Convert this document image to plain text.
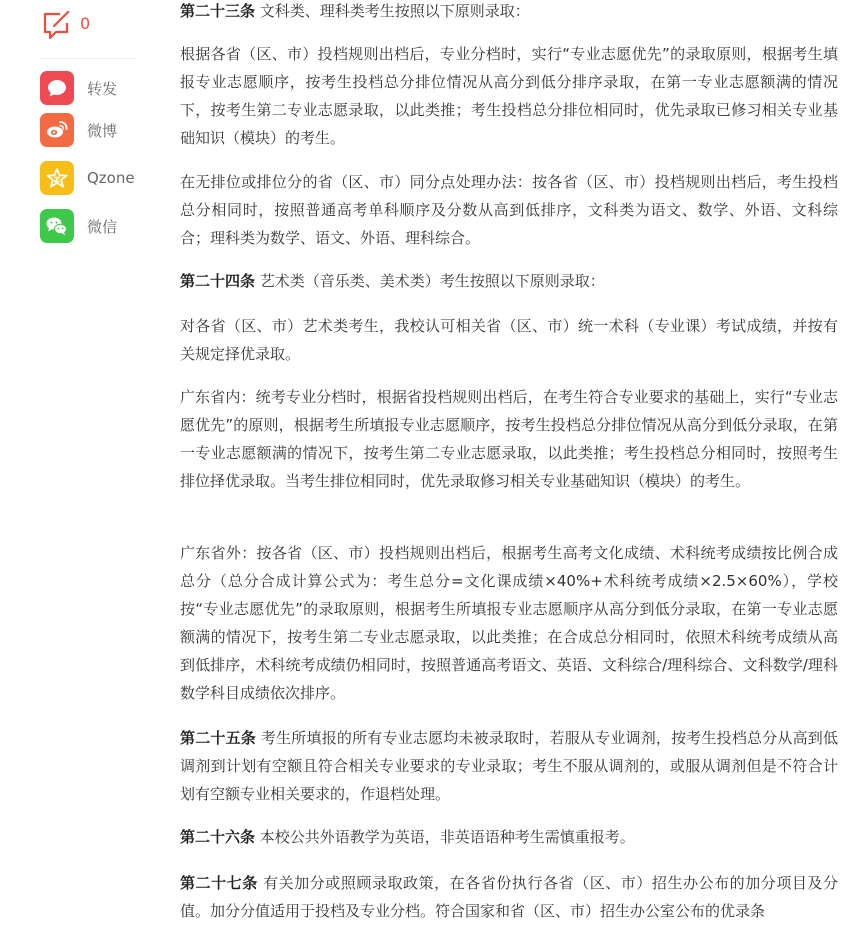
0
转发
微博
Qzone
微信

第二十三条 文科类、理科类考生按照以下原则录取：

根据各省（区、市）投档规则出档后，专业分档时，实行“专业志愿优先”的录取原则，根据考生填报专业志愿顺序，按考生投档总分排位情况从高分到低分排序录取，在第一专业志愿额满的情况下，按考生第二专业志愿录取，以此类推；考生投档总分排位相同时，优先录取已修习相关专业基础知识（模块）的考生。

在无排位或排位分的省（区、市）同分点处理办法：按各省（区、市）投档规则出档后，考生投档总分相同时，按照普通高考单科顺序及分数从高到低排序，文科类为语文、数学、外语、文科综合；理科类为数学、语文、外语、理科综合。

第二十四条 艺术类（音乐类、美术类）考生按照以下原则录取：

对各省（区、市）艺术类考生，我校认可相关省（区、市）统一术科（专业课）考试成绩，并按有关规定择优录取。

广东省内：统考专业分档时，根据省投档规则出档后，在考生符合专业要求的基础上，实行“专业志愿优先”的原则，根据考生所填报专业志愿顺序，按考生投档总分排位情况从高分到低分录取，在第一专业志愿额满的情况下，按考生第二专业志愿录取，以此类推；考生投档总分相同时，按照考生排位择优录取。当考生排位相同时，优先录取修习相关专业基础知识（模块）的考生。

广东省外：按各省（区、市）投档规则出档后，根据考生高考文化成绩、术科统考成绩按比例合成总分（总分合成计算公式为：考生总分=文化课成绩×40%+术科统考成绩×2.5×60%），学校按“专业志愿优先”的录取原则，根据考生所填报专业志愿顺序从高分到低分录取，在第一专业志愿额满的情况下，按考生第二专业志愿录取，以此类推；在合成总分相同时，依照术科统考成绩从高到低排序，术科统考成绩仍相同时，按照普通高考语文、英语、文科综合/理科综合、文科数学/理科数学科目成绩依次排序。

第二十五条 考生所填报的所有专业志愿均未被录取时，若服从专业调剂，按考生投档总分从高到低调剂到计划有空额且符合相关专业要求的专业录取；考生不服从调剂的，或服从调剂但是不符合计划有空额专业相关要求的，作退档处理。

第二十六条 本校公共外语教学为英语，非英语语种考生需慎重报考。

第二十七条 有关加分或照顾录取政策，在各省份执行各省（区、市）招生办公布的加分项目及分值。加分分值适用于投档及专业分档。符合国家和省（区、市）招生办公室公布的优录条
